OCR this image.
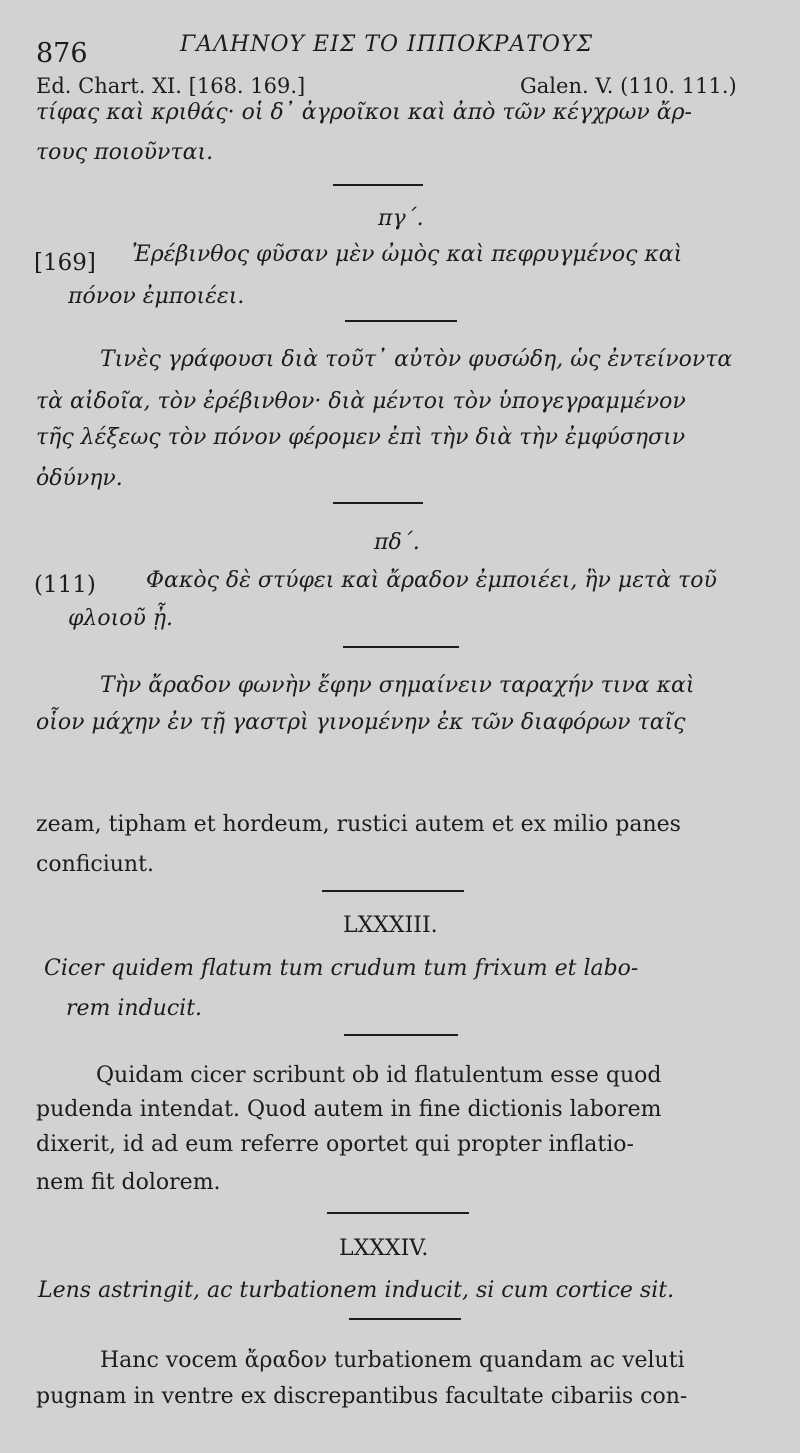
876	ΓΑΛΗΝΟΥ ΕΙΣ ΤΟ ΙΠΠΟΚΡΑΤΟΥΣ
Ed. Chart. XI. [168. 169.]	Galen. V. (110. 111.)
τίφας καὶ κριθάς· οἱ δ᾽ ἀγροῖκοι καὶ ἀπὸ τῶν κέγχρων ἄρ-
τους ποιοῦνται.
πγ΄.
[169] Ἐρέβινθος φῦσαν μὲν ὠμὸς καὶ πεφρυγμένος καὶ
πόνον ἐμποιέει.
Τινὲς γράφουσι διὰ τοῦτ᾽ αὐτὸν φυσώδη, ὡς ἐντείνοντα
τὰ αἰδοῖα, τὸν ἐρέβινθον· διὰ μέντοι τὸν ὑπογεγραμμένον
τῆς λέξεως τὸν πόνον φέρομεν ἐπὶ τὴν διὰ τὴν ἐμφύσησιν
ὀδύνην.
πδ΄.
(111) Φακὸς δὲ στύφει καὶ ἄραδον ἐμποιέει, ἣν μετὰ τοῦ
φλοιοῦ ᾖ.
Τὴν ἄραδον φωνὴν ἔφην σημαίνειν ταραχήν τινα καὶ
οἷον μάχην ἐν τῇ γαστρὶ γινομένην ἐκ τῶν διαφόρων ταῖς
zeam, tipham et hordeum, rustici autem et ex milio panes
conficiunt.
LXXXIII.
Cicer quidem flatum tum crudum tum frixum et labo-
rem inducit.
Quidam cicer scribunt ob id flatulentum esse quod
pudenda intendat. Quod autem in fine dictionis laborem
dixerit, id ad eum referre oportet qui propter inflatio-
nem fit dolorem.
LXXXIV.
Lens astringit, ac turbationem inducit, si cum cortice sit.
Hanc vocem ἄραδον turbationem quandam ac veluti
pugnam in ventre ex discrepantibus facultate cibariis con-
